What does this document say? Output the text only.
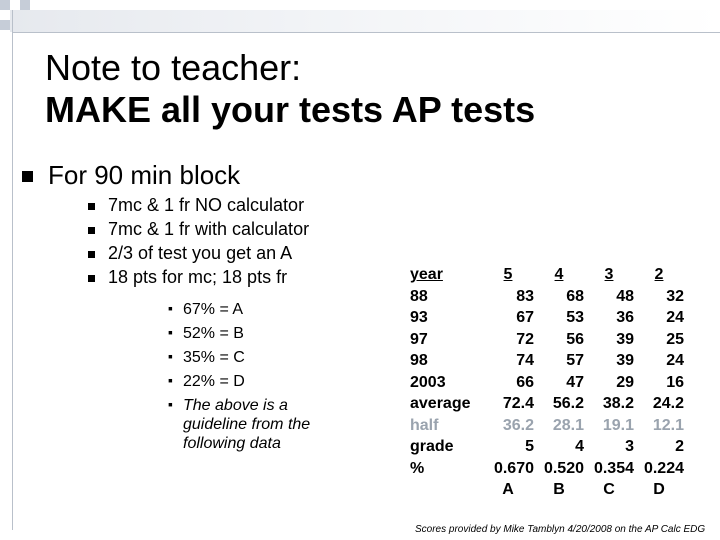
Note to teacher:
MAKE all your tests AP tests
For 90 min block
7mc & 1 fr NO calculator
7mc & 1 fr with calculator
2/3 of test you get an A
18 pts for mc; 18 pts fr
▪ 67% = A
▪ 52% = B
▪ 35% = C
▪ 22% = D
▪ The above is a guideline from the following data
year	5	4	3	2
88	83	68	48	32
93	67	53	36	24
97	72	56	39	25
98	74	57	39	24
2003	66	47	29	16
average	72.4	56.2	38.2	24.2
half	36.2	28.1	19.1	12.1
grade	5	4	3	2
%	0.670	0.520	0.354	0.224
	A	B	C	D
Scores provided by Mike Tamblyn 4/20/2008 on the AP Calc EDG
